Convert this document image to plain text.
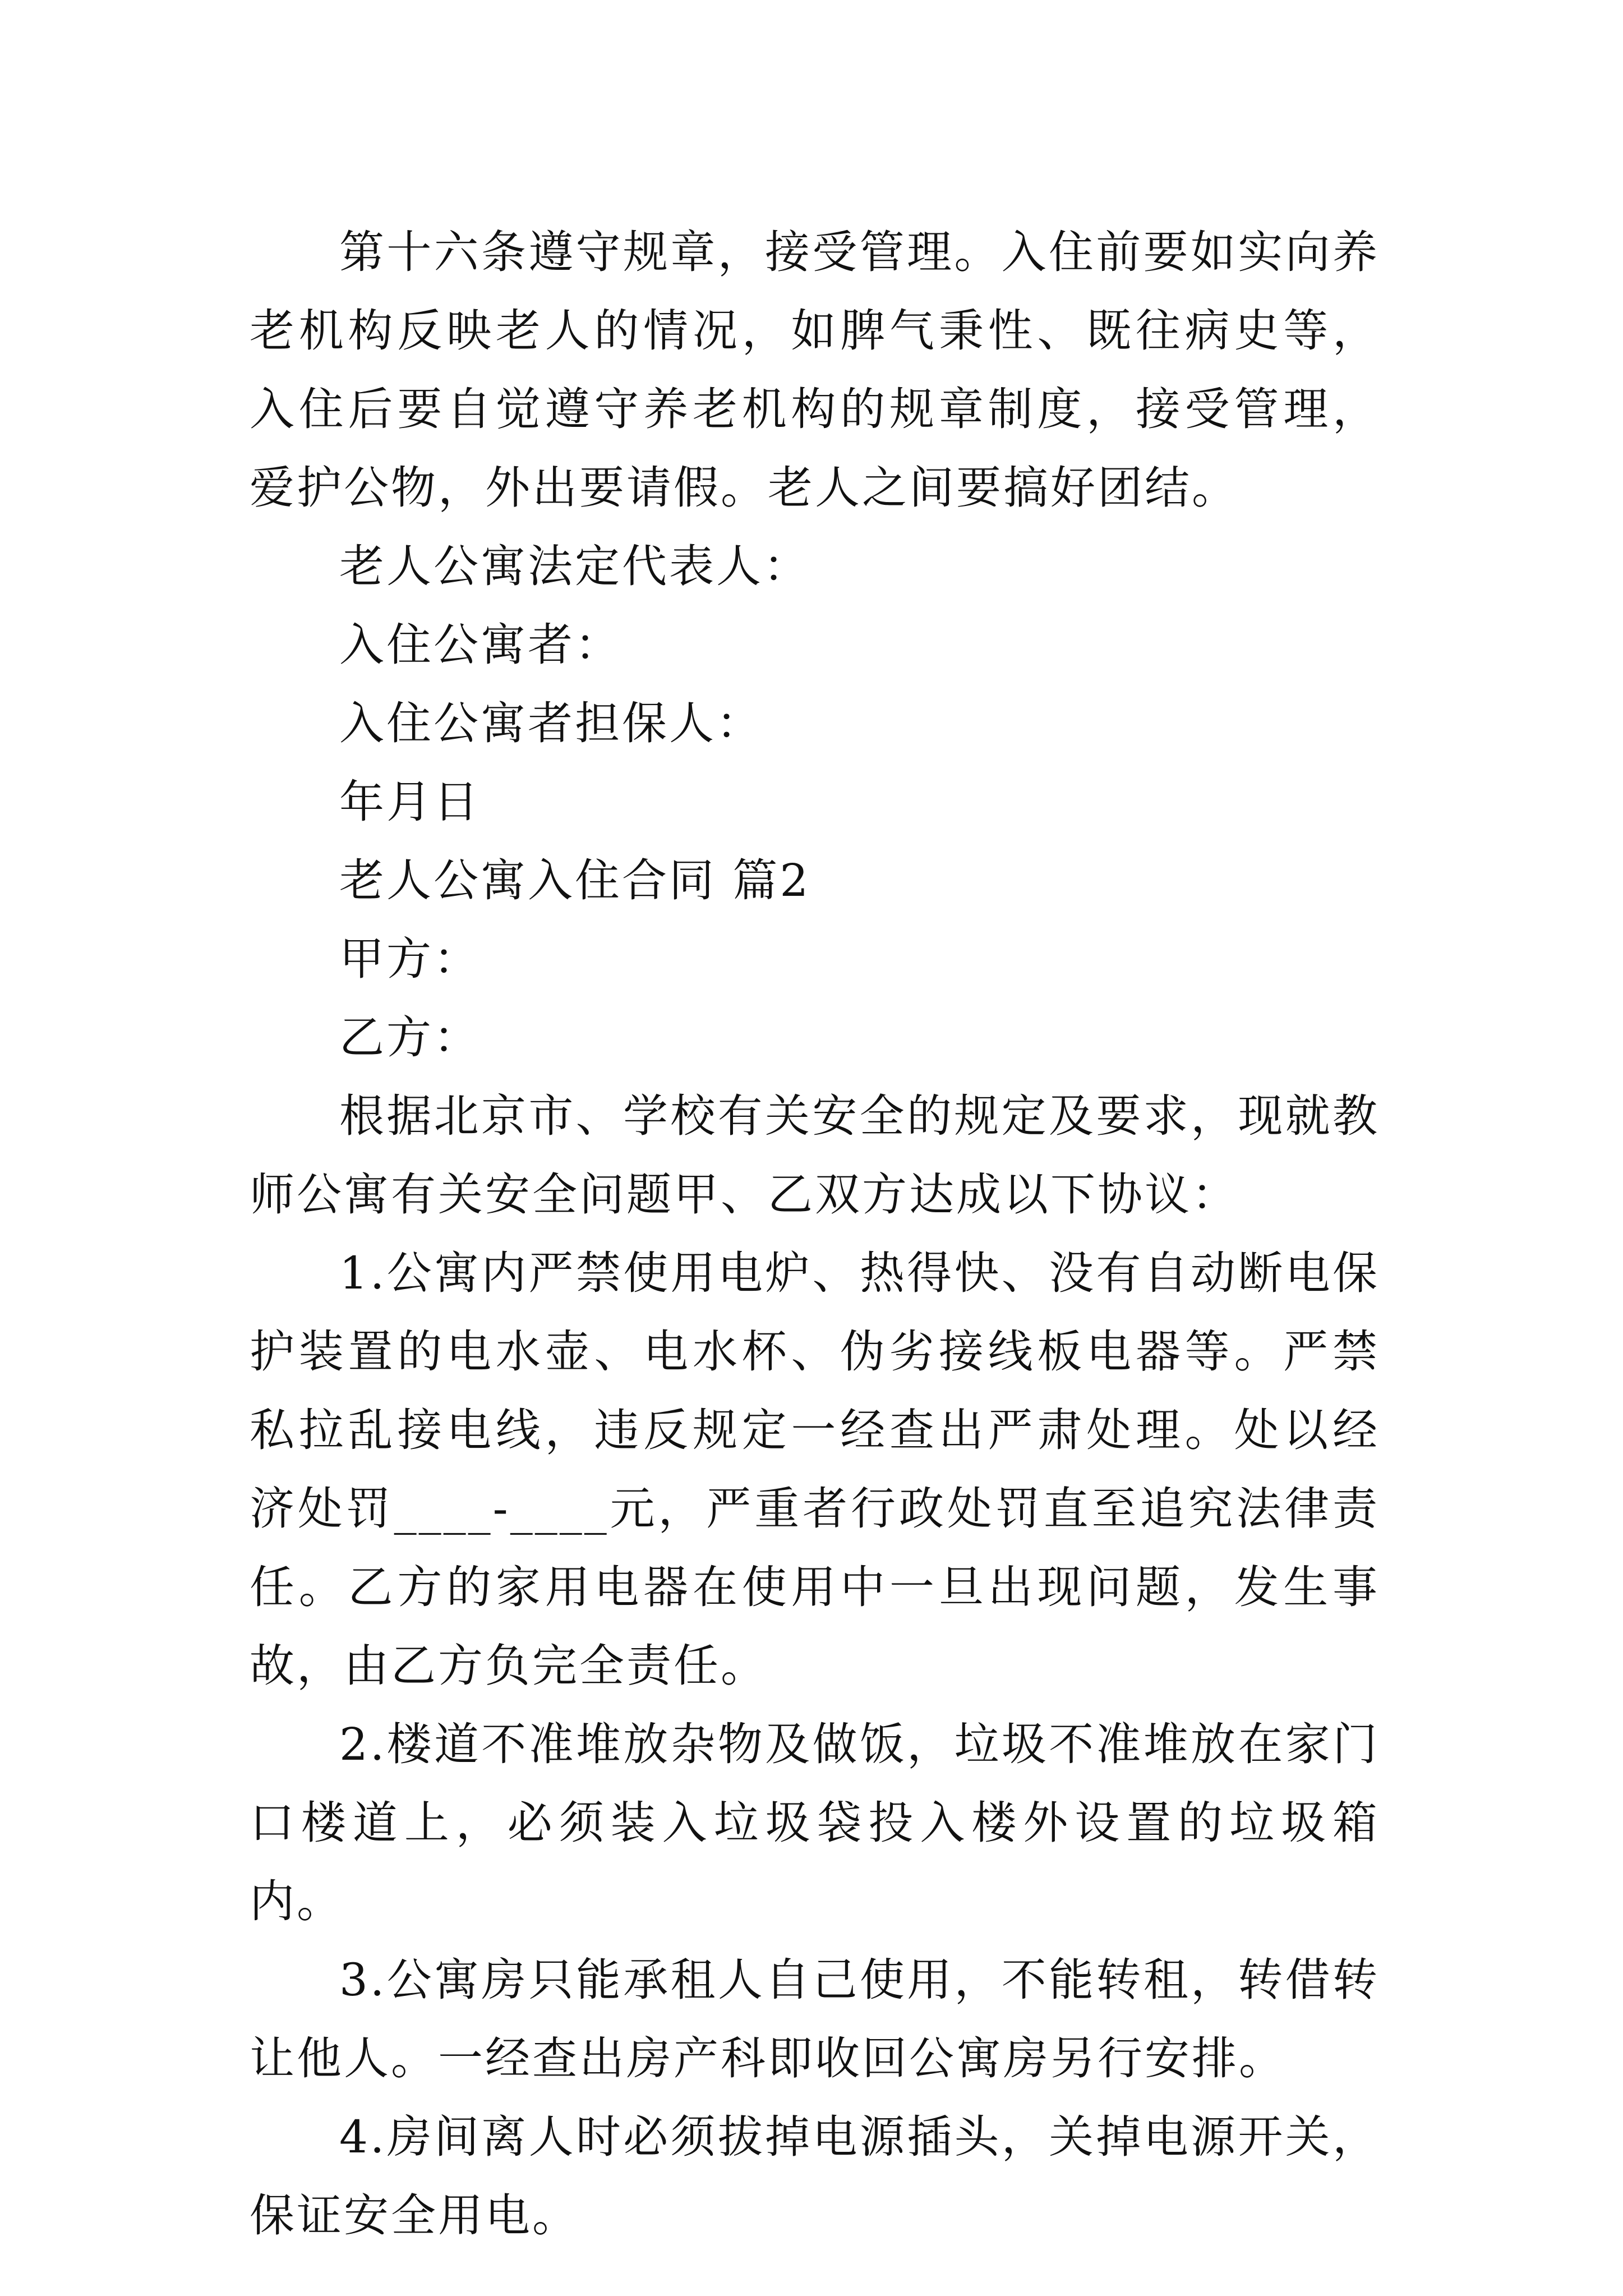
第十六条遵守规章，接受管理。入住前要如实向养老机构反映老人的情况，如脾气秉性、既往病史等，入住后要自觉遵守养老机构的规章制度，接受管理，爱护公物，外出要请假。老人之间要搞好团结。

老人公寓法定代表人：

入住公寓者：

入住公寓者担保人：

年月日

老人公寓入住合同 篇2

甲方：

乙方：

根据北京市、学校有关安全的规定及要求，现就教师公寓有关安全问题甲、乙双方达成以下协议：

1.公寓内严禁使用电炉、热得快、没有自动断电保护装置的电水壶、电水杯、伪劣接线板电器等。严禁私拉乱接电线，违反规定一经查出严肃处理。处以经济处罚____-____元，严重者行政处罚直至追究法律责任。乙方的家用电器在使用中一旦出现问题，发生事故，由乙方负完全责任。

2.楼道不准堆放杂物及做饭，垃圾不准堆放在家门口楼道上，必须装入垃圾袋投入楼外设置的垃圾箱内。

3.公寓房只能承租人自己使用，不能转租，转借转让他人。一经查出房产科即收回公寓房另行安排。

4.房间离人时必须拔掉电源插头，关掉电源开关，保证安全用电。
